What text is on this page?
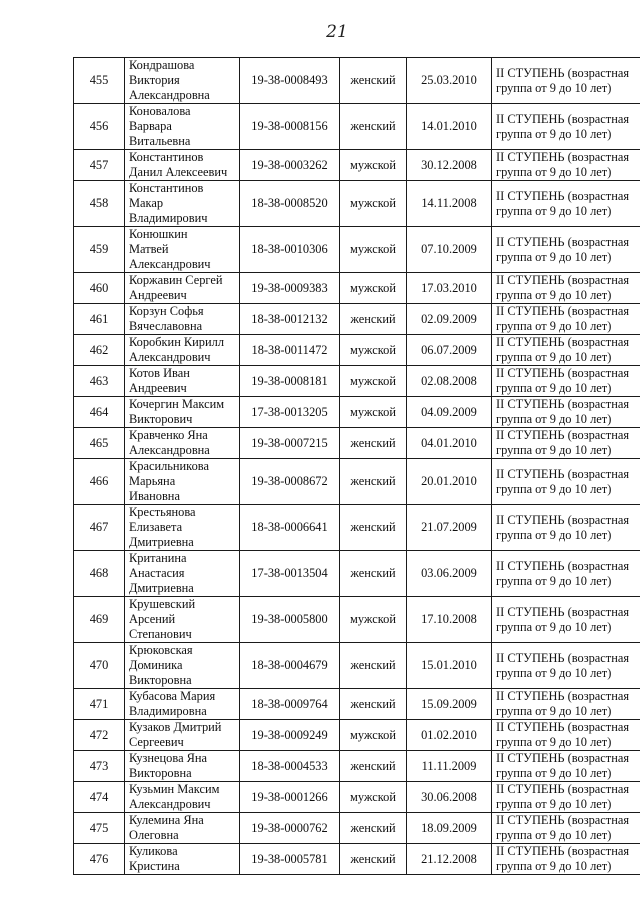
21
455	Кондрашова
Виктория
Александровна	19-38-0008493	женский	25.03.2010	II СТУПЕНЬ (возрастная
группа от 9 до 10 лет)

456	Коновалова
Варвара
Витальевна	19-38-0008156	женский	14.01.2010	II СТУПЕНЬ (возрастная
группа от 9 до 10 лет)

457	Константинов
Данил Алексеевич	19-38-0003262	мужской	30.12.2008	II СТУПЕНЬ (возрастная
группа от 9 до 10 лет)

458	Константинов
Макар
Владимирович	18-38-0008520	мужской	14.11.2008	II СТУПЕНЬ (возрастная
группа от 9 до 10 лет)

459	Конюшкин
Матвей
Александрович	18-38-0010306	мужской	07.10.2009	II СТУПЕНЬ (возрастная
группа от 9 до 10 лет)

460	Коржавин Сергей
Андреевич	19-38-0009383	мужской	17.03.2010	II СТУПЕНЬ (возрастная
группа от 9 до 10 лет)

461	Корзун Софья
Вячеславовна	18-38-0012132	женский	02.09.2009	II СТУПЕНЬ (возрастная
группа от 9 до 10 лет)

462	Коробкин Кирилл
Александрович	18-38-0011472	мужской	06.07.2009	II СТУПЕНЬ (возрастная
группа от 9 до 10 лет)

463	Котов Иван
Андреевич	19-38-0008181	мужской	02.08.2008	II СТУПЕНЬ (возрастная
группа от 9 до 10 лет)

464	Кочергин Максим
Викторович	17-38-0013205	мужской	04.09.2009	II СТУПЕНЬ (возрастная
группа от 9 до 10 лет)

465	Кравченко Яна
Александровна	19-38-0007215	женский	04.01.2010	II СТУПЕНЬ (возрастная
группа от 9 до 10 лет)

466	Красильникова
Марьяна
Ивановна	19-38-0008672	женский	20.01.2010	II СТУПЕНЬ (возрастная
группа от 9 до 10 лет)

467	Крестьянова
Елизавета
Дмитриевна	18-38-0006641	женский	21.07.2009	II СТУПЕНЬ (возрастная
группа от 9 до 10 лет)

468	Кританина
Анастасия
Дмитриевна	17-38-0013504	женский	03.06.2009	II СТУПЕНЬ (возрастная
группа от 9 до 10 лет)

469	Крушевский
Арсений
Степанович	19-38-0005800	мужской	17.10.2008	II СТУПЕНЬ (возрастная
группа от 9 до 10 лет)

470	Крюковская
Доминика
Викторовна	18-38-0004679	женский	15.01.2010	II СТУПЕНЬ (возрастная
группа от 9 до 10 лет)

471	Кубасова Мария
Владимировна	18-38-0009764	женский	15.09.2009	II СТУПЕНЬ (возрастная
группа от 9 до 10 лет)

472	Кузаков Дмитрий
Сергеевич	19-38-0009249	мужской	01.02.2010	II СТУПЕНЬ (возрастная
группа от 9 до 10 лет)

473	Кузнецова Яна
Викторовна	18-38-0004533	женский	11.11.2009	II СТУПЕНЬ (возрастная
группа от 9 до 10 лет)

474	Кузьмин Максим
Александрович	19-38-0001266	мужской	30.06.2008	II СТУПЕНЬ (возрастная
группа от 9 до 10 лет)

475	Кулемина Яна
Олеговна	19-38-0000762	женский	18.09.2009	II СТУПЕНЬ (возрастная
группа от 9 до 10 лет)

476	Куликова
Кристина	19-38-0005781	женский	21.12.2008	II СТУПЕНЬ (возрастная
группа от 9 до 10 лет)
